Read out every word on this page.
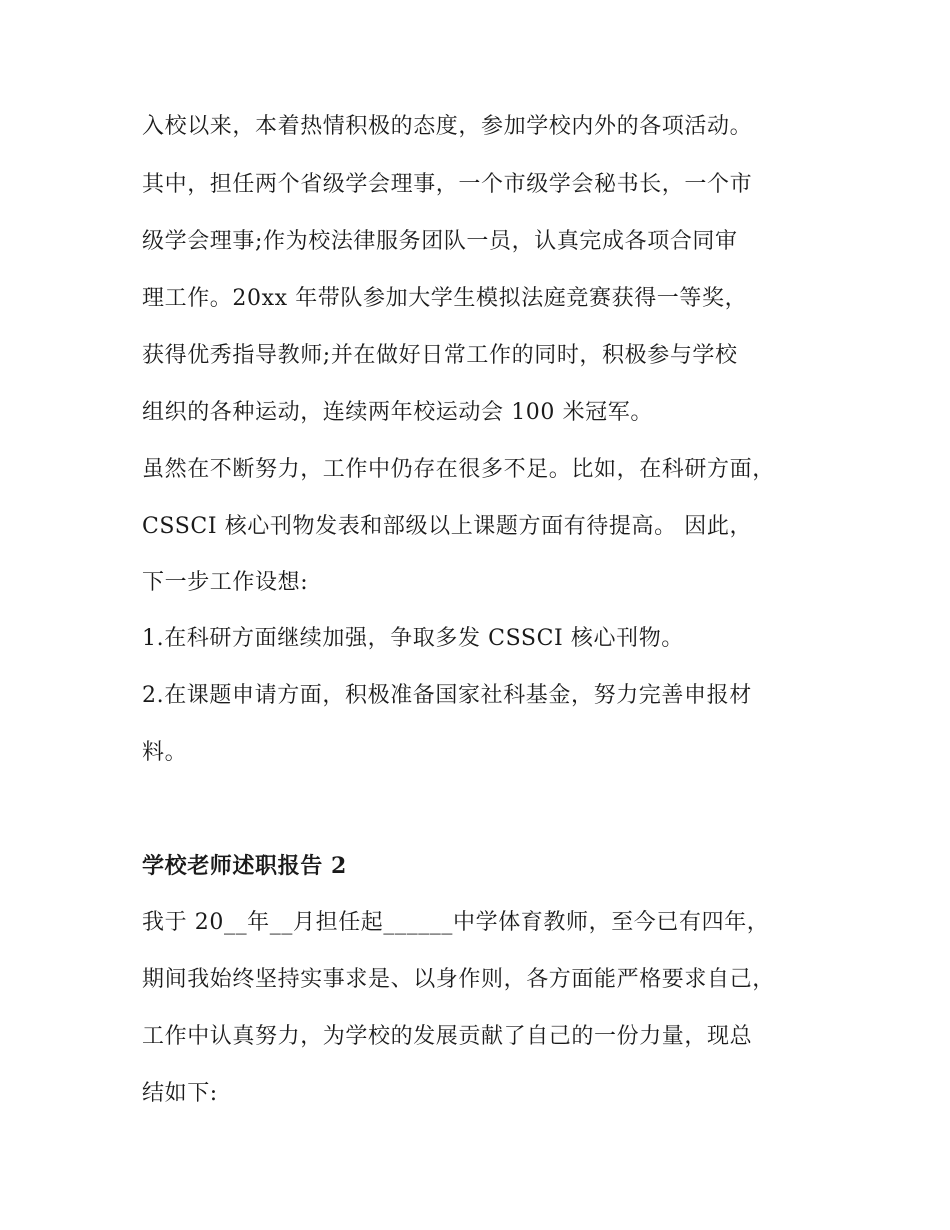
入校以来，本着热情积极的态度，参加学校内外的各项活动。
其中，担任两个省级学会理事，一个市级学会秘书长，一个市
级学会理事;作为校法律服务团队一员，认真完成各项合同审
理工作。20xx 年带队参加大学生模拟法庭竞赛获得一等奖，
获得优秀指导教师;并在做好日常工作的同时，积极参与学校
组织的各种运动，连续两年校运动会 100 米冠军。
虽然在不断努力，工作中仍存在很多不足。比如，在科研方面，
CSSCI 核心刊物发表和部级以上课题方面有待提高。 因此，
下一步工作设想:
1.在科研方面继续加强，争取多发 CSSCI 核心刊物。
2.在课题申请方面，积极准备国家社科基金，努力完善申报材
料。
学校老师述职报告 2
我于 20__年__月担任起______中学体育教师，至今已有四年，
期间我始终坚持实事求是、以身作则，各方面能严格要求自己，
工作中认真努力，为学校的发展贡献了自己的一份力量，现总
结如下:
